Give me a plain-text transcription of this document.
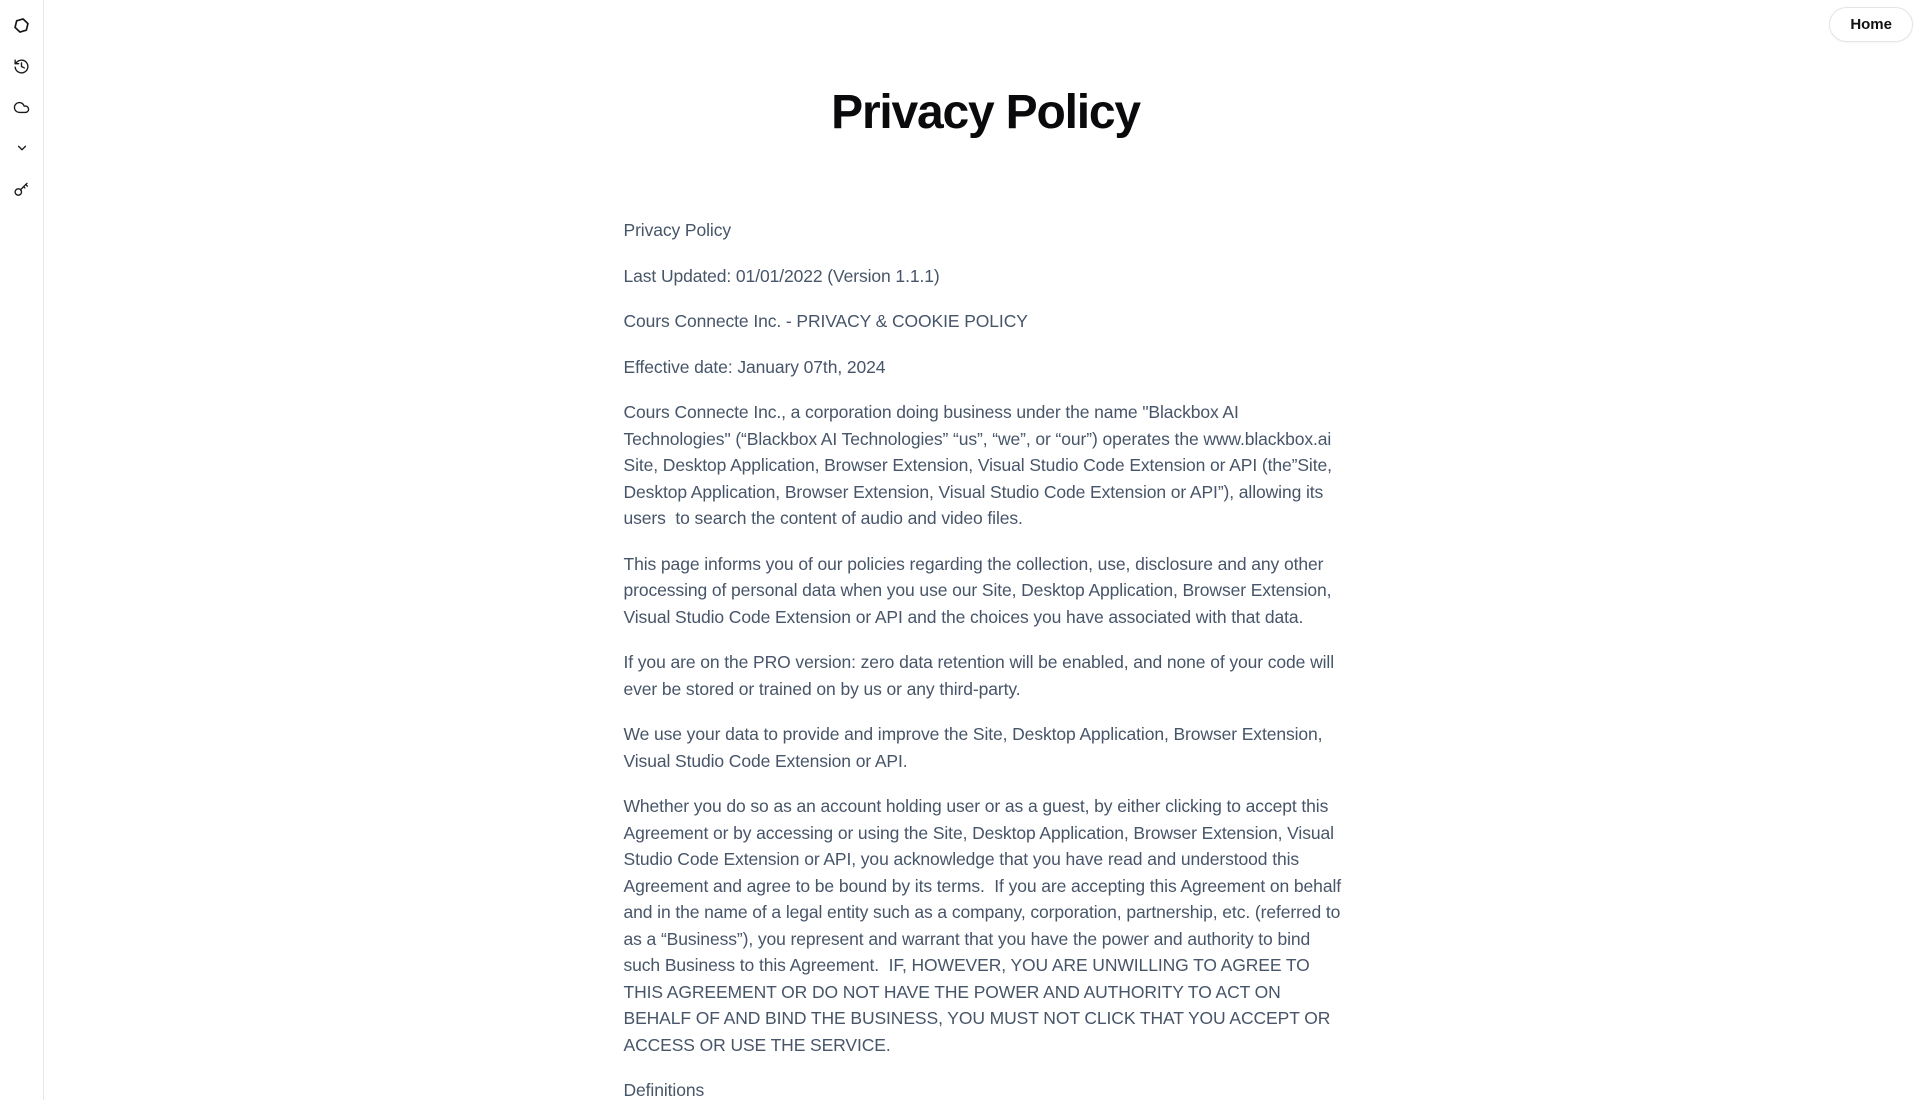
Home
Privacy Policy

Privacy Policy

Last Updated: 01/01/2022 (Version 1.1.1)

Cours Connecte Inc. - PRIVACY & COOKIE POLICY

Effective date: January 07th, 2024

Cours Connecte Inc., a corporation doing business under the name "Blackbox AI Technologies" (“Blackbox AI Technologies” “us”, “we”, or “our”) operates the www.blackbox.ai Site, Desktop Application, Browser Extension, Visual Studio Code Extension or API (the”Site, Desktop Application, Browser Extension, Visual Studio Code Extension or API”), allowing its users  to search the content of audio and video files.

This page informs you of our policies regarding the collection, use, disclosure and any other processing of personal data when you use our Site, Desktop Application, Browser Extension, Visual Studio Code Extension or API and the choices you have associated with that data.

If you are on the PRO version: zero data retention will be enabled, and none of your code will ever be stored or trained on by us or any third-party.

We use your data to provide and improve the Site, Desktop Application, Browser Extension, Visual Studio Code Extension or API.

Whether you do so as an account holding user or as a guest, by either clicking to accept this Agreement or by accessing or using the Site, Desktop Application, Browser Extension, Visual Studio Code Extension or API, you acknowledge that you have read and understood this Agreement and agree to be bound by its terms.  If you are accepting this Agreement on behalf and in the name of a legal entity such as a company, corporation, partnership, etc. (referred to as a “Business”), you represent and warrant that you have the power and authority to bind such Business to this Agreement.  IF, HOWEVER, YOU ARE UNWILLING TO AGREE TO THIS AGREEMENT OR DO NOT HAVE THE POWER AND AUTHORITY TO ACT ON BEHALF OF AND BIND THE BUSINESS, YOU MUST NOT CLICK THAT YOU ACCEPT OR ACCESS OR USE THE SERVICE.

Definitions
